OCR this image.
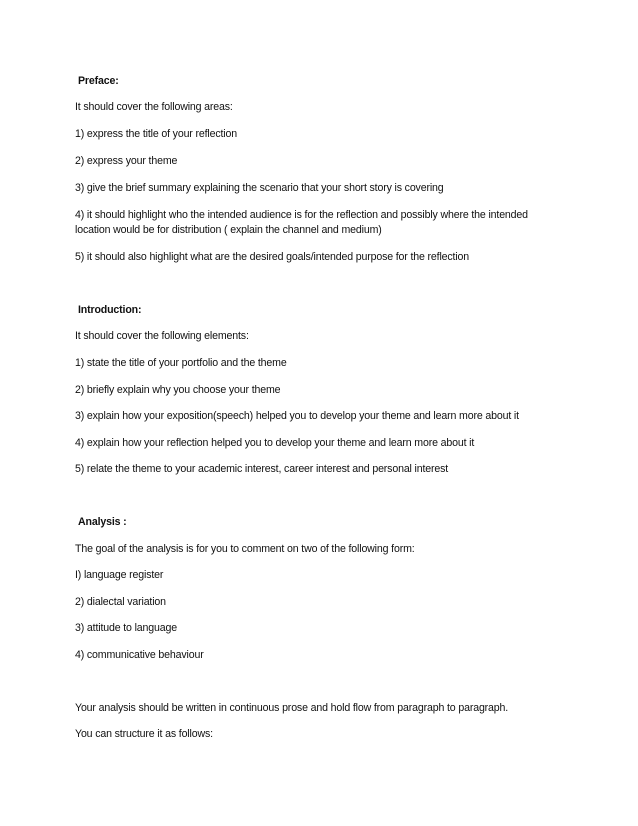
Preface:
It should cover the following areas:
1) express the title of your reflection
2) express your theme
3) give the brief summary explaining the scenario that your short story is covering
4) it should highlight who the intended audience is for the reflection and possibly where the intended
location would be for distribution ( explain the channel and medium)
5) it should also highlight what are the desired goals/intended purpose for the reflection
Introduction:
It should cover the following elements:
1) state the title of your portfolio and the theme
2) briefly explain why you choose your theme
3) explain how your exposition(speech) helped you to develop your theme and learn more about it
4) explain how your reflection helped you to develop your theme and learn more about it
5) relate the theme to your academic interest, career interest and personal interest
Analysis :
The goal of the analysis is for you to comment on two of the following form:
I) language register
2) dialectal variation
3) attitude to language
4) communicative behaviour
Your analysis should be written in continuous prose and hold flow from paragraph to paragraph.
You can structure it as follows:
